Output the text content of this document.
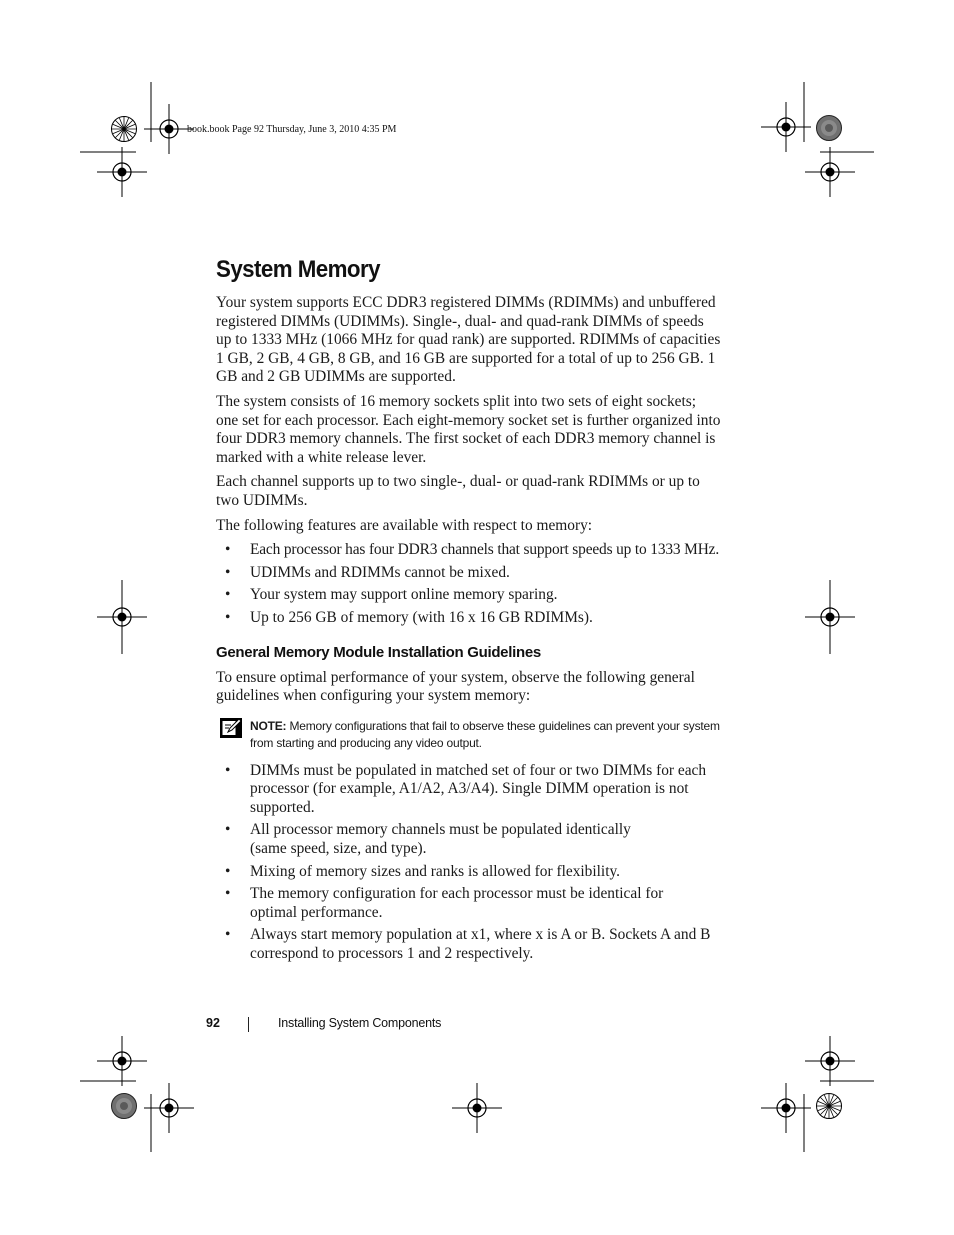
book.book Page 92 Thursday, June 3, 2010 4:35 PM
System Memory

Your system supports ECC DDR3 registered DIMMs (RDIMMs) and unbuffered registered DIMMs (UDIMMs). Single-, dual- and quad-rank DIMMs of speeds up to 1333 MHz (1066 MHz for quad rank) are supported. RDIMMs of capacities 1 GB, 2 GB, 4 GB, 8 GB, and 16 GB are supported for a total of up to 256 GB. 1 GB and 2 GB UDIMMs are supported.

The system consists of 16 memory sockets split into two sets of eight sockets; one set for each processor. Each eight-memory socket set is further organized into four DDR3 memory channels. The first socket of each DDR3 memory channel is marked with a white release lever.

Each channel supports up to two single-, dual- or quad-rank RDIMMs or up to two UDIMMs.

The following features are available with respect to memory:

• Each processor has four DDR3 channels that support speeds up to 1333 MHz.
• UDIMMs and RDIMMs cannot be mixed.
• Your system may support online memory sparing.
• Up to 256 GB of memory (with 16 x 16 GB RDIMMs).
General Memory Module Installation Guidelines

To ensure optimal performance of your system, observe the following general guidelines when configuring your system memory:

NOTE: Memory configurations that fail to observe these guidelines can prevent your system from starting and producing any video output.
• DIMMs must be populated in matched set of four or two DIMMs for each processor (for example, A1/A2, A3/A4). Single DIMM operation is not supported.
• All processor memory channels must be populated identically (same speed, size, and type).
• Mixing of memory sizes and ranks is allowed for flexibility.
• The memory configuration for each processor must be identical for optimal performance.
• Always start memory population at x1, where x is A or B. Sockets A and B correspond to processors 1 and 2 respectively.
92	Installing System Components
